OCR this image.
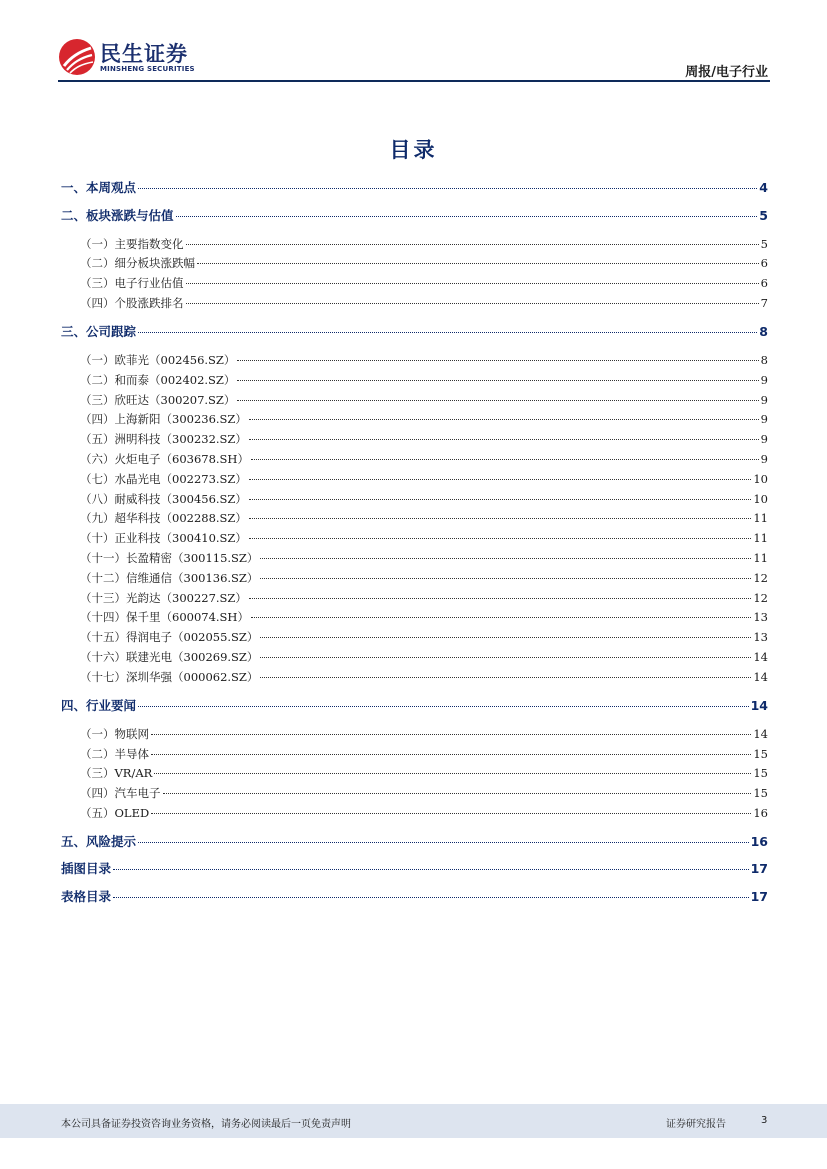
民生证券
MINSHENG SECURITIES	周报/电子行业
目录
一、本周观点	4
二、板块涨跌与估值	5
（一）主要指数变化	5
（二）细分板块涨跌幅	6
（三）电子行业估值	6
（四）个股涨跌排名	7
三、公司跟踪	8
（一）欧菲光（002456.SZ）	8
（二）和而泰（002402.SZ）	9
（三）欣旺达（300207.SZ）	9
（四）上海新阳（300236.SZ）	9
（五）洲明科技（300232.SZ）	9
（六）火炬电子（603678.SH）	9
（七）水晶光电（002273.SZ）	10
（八）耐威科技（300456.SZ）	10
（九）超华科技（002288.SZ）	11
（十）正业科技（300410.SZ）	11
（十一）长盈精密（300115.SZ）	11
（十二）信维通信（300136.SZ）	12
（十三）光韵达（300227.SZ）	12
（十四）保千里（600074.SH）	13
（十五）得润电子（002055.SZ）	13
（十六）联建光电（300269.SZ）	14
（十七）深圳华强（000062.SZ）	14
四、行业要闻	14
（一）物联网	14
（二）半导体	15
（三）VR/AR	15
（四）汽车电子	15
（五）OLED	16
五、风险提示	16
插图目录	17
表格目录	17
本公司具备证券投资咨询业务资格，请务必阅读最后一页免责声明	证券研究报告	3
